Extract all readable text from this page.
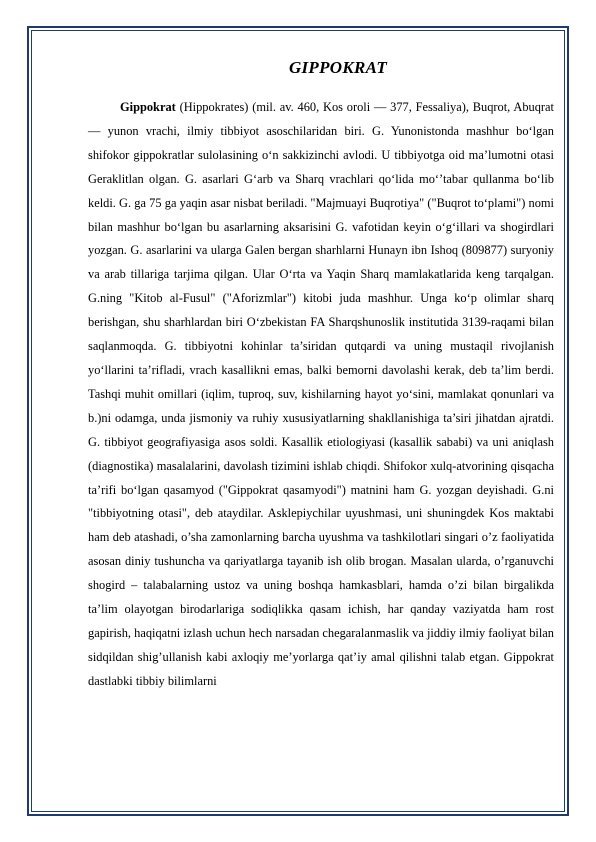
GIPPOKRAT

Gippokrat (Hippokrates) (mil. av. 460, Kos oroli — 377, Fessaliya), Buqrot, Abuqrat — yunon vrachi, ilmiy tibbiyot asoschilaridan biri. G. Yunonistonda mashhur bo‘lgan shifokor gippokratlar sulolasining o‘n sakkizinchi avlodi. U tibbiyotga oid ma’lumotni otasi Geraklitlan olgan. G. asarlari G‘arb va Sharq vrachlari qo‘lida mo‘’tabar qullanma bo‘lib keldi. G. ga 75 ga yaqin asar nisbat beriladi. "Majmuayi Buqrotiya" ("Buqrot to‘plami") nomi bilan mashhur bo‘lgan bu asarlarning aksarisini G. vafotidan keyin o‘g‘illari va shogirdlari yozgan. G. asarlarini va ularga Galen bergan sharhlarni Hunayn ibn Ishoq (809877) suryoniy va arab tillariga tarjima qilgan. Ular O‘rta va Yaqin Sharq mamlakatlarida keng tarqalgan. G.ning "Kitob al-Fusul" ("Aforizmlar") kitobi juda mashhur. Unga ko‘p olimlar sharq berishgan, shu sharhlardan biri O‘zbekistan FA Sharqshunoslik institutida 3139-raqami bilan saqlanmoqda. G. tibbiyotni kohinlar ta’siridan qutqardi va uning mustaqil rivojlanish yo‘llarini ta’rifladi, vrach kasallikni emas, balki bemorni davolashi kerak, deb ta’lim berdi. Tashqi muhit omillari (iqlim, tuproq, suv, kishilarning hayot yo‘sini, mamlakat qonunlari va b.)ni odamga, unda jismoniy va ruhiy xususiyatlarning shakllanishiga ta’siri jihatdan ajratdi. G. tibbiyot geografiyasiga asos soldi. Kasallik etiologiyasi (kasallik sababi) va uni aniqlash (diagnostika) masalalarini, davolash tizimini ishlab chiqdi. Shifokor xulq-atvorining qisqacha ta’rifi bo‘lgan qasamyod ("Gippokrat qasamyodi") matnini ham G. yozgan deyishadi. G.ni "tibbiyotning otasi", deb ataydilar. Asklepiychilar uyushmasi, uni shuningdek Kos maktabi ham deb atashadi, o’sha zamonlarning barcha uyushma va tashkilotlari singari o’z faoliyatida asosan diniy tushuncha va qariyatlarga tayanib ish olib brogan. Masalan ularda, o’rganuvchi shogird – talabalarning ustoz va uning boshqa hamkasblari, hamda o’zi bilan birgalikda ta’lim olayotgan birodarlariga sodiqlikka qasam ichish, har qanday vaziyatda ham rost gapirish, haqiqatni izlash uchun hech narsadan chegaralanmaslik va jiddiy ilmiy faoliyat bilan sidqildan shig’ullanish kabi axloqiy me’yorlarga qat’iy amal qilishni talab etgan. Gippokrat dastlabki tibbiy bilimlarni
